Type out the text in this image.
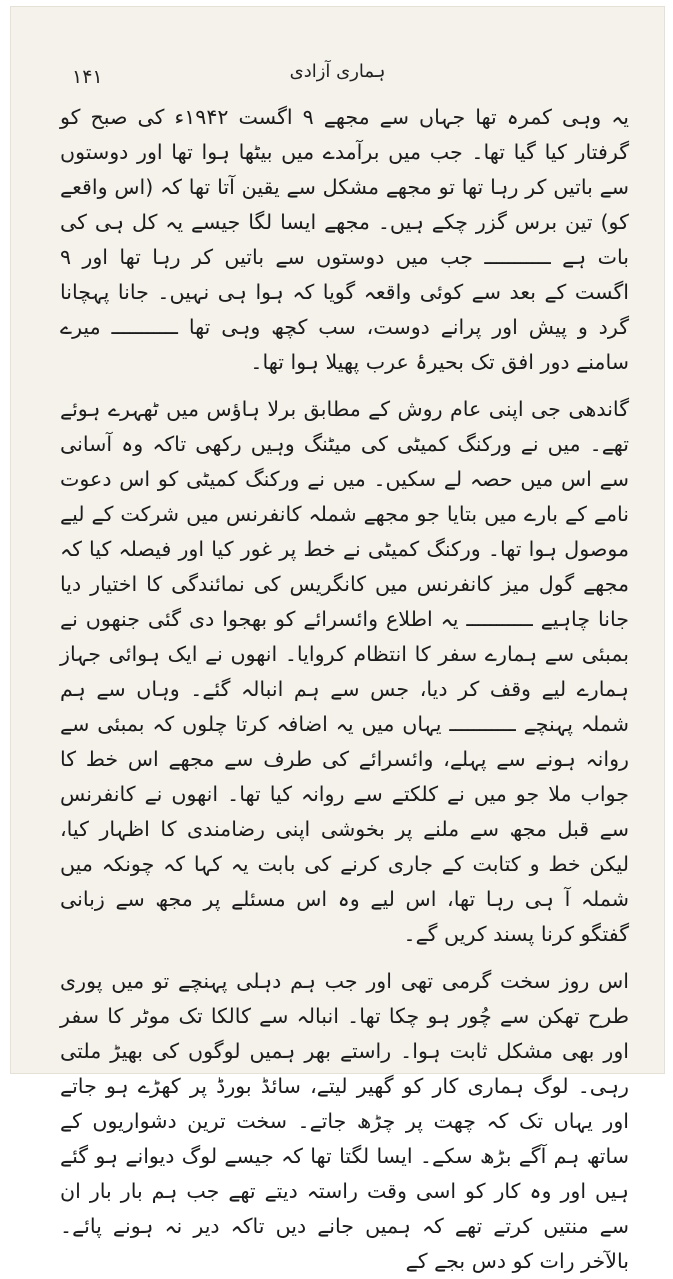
۱۴۱	ہماری آزادی

یہ وہی کمرہ تھا جہاں سے مجھے ۹ اگست ۱۹۴۲ء کی صبح کو گرفتار کیا گیا تھا۔ جب میں برآمدے میں بیٹھا ہوا تھا اور دوستوں سے باتیں کر رہا تھا تو مجھے مشکل سے یقین آتا تھا کہ (اس واقعے کو) تین برس گزر چکے ہیں۔ مجھے ایسا لگا جیسے یہ کل ہی کی بات ہے ـــــــــــ جب میں دوستوں سے باتیں کر رہا تھا اور ۹ اگست کے بعد سے کوئی واقعہ گویا کہ ہوا ہی نہیں۔ جانا پہچانا گرد و پیش اور پرانے دوست، سب کچھ وہی تھا ـــــــــــ میرے سامنے دور افق تک بحیرۂ عرب پھیلا ہوا تھا۔

گاندھی جی اپنی عام روش کے مطابق برلا ہاؤس میں ٹھہرے ہوئے تھے۔ میں نے ورکنگ کمیٹی کی میٹنگ وہیں رکھی تاکہ وہ آسانی سے اس میں حصہ لے سکیں۔ میں نے ورکنگ کمیٹی کو اس دعوت نامے کے بارے میں بتایا جو مجھے شملہ کانفرنس میں شرکت کے لیے موصول ہوا تھا۔ ورکنگ کمیٹی نے خط پر غور کیا اور فیصلہ کیا کہ مجھے گول میز کانفرنس میں کانگریس کی نمائندگی کا اختیار دیا جانا چاہیے ـــــــــــ یہ اطلاع وائسرائے کو بھجوا دی گئی جنھوں نے بمبئی سے ہمارے سفر کا انتظام کروایا۔ انھوں نے ایک ہوائی جہاز ہمارے لیے وقف کر دیا، جس سے ہم انبالہ گئے۔ وہاں سے ہم شملہ پہنچے ـــــــــــ یہاں میں یہ اضافہ کرتا چلوں کہ بمبئی سے روانہ ہونے سے پہلے، وائسرائے کی طرف سے مجھے اس خط کا جواب ملا جو میں نے کلکتے سے روانہ کیا تھا۔ انھوں نے کانفرنس سے قبل مجھ سے ملنے پر بخوشی اپنی رضامندی کا اظہار کیا، لیکن خط و کتابت کے جاری کرنے کی بابت یہ کہا کہ چونکہ میں شملہ آ ہی رہا تھا، اس لیے وہ اس مسئلے پر مجھ سے زبانی گفتگو کرنا پسند کریں گے۔

اس روز سخت گرمی تھی اور جب ہم دہلی پہنچے تو میں پوری طرح تھکن سے چُور ہو چکا تھا۔ انبالہ سے کالکا تک موٹر کا سفر اور بھی مشکل ثابت ہوا۔ راستے بھر ہمیں لوگوں کی بھیڑ ملتی رہی۔ لوگ ہماری کار کو گھیر لیتے، سائڈ بورڈ پر کھڑے ہو جاتے اور یہاں تک کہ چھت پر چڑھ جاتے۔ سخت ترین دشواریوں کے ساتھ ہم آگے بڑھ سکے۔ ایسا لگتا تھا کہ جیسے لوگ دیوانے ہو گئے ہیں اور وہ کار کو اسی وقت راستہ دیتے تھے جب ہم بار بار ان سے منتیں کرتے تھے کہ ہمیں جانے دیں تاکہ دیر نہ ہونے پائے۔ بالآخر رات کو دس بجے کے
